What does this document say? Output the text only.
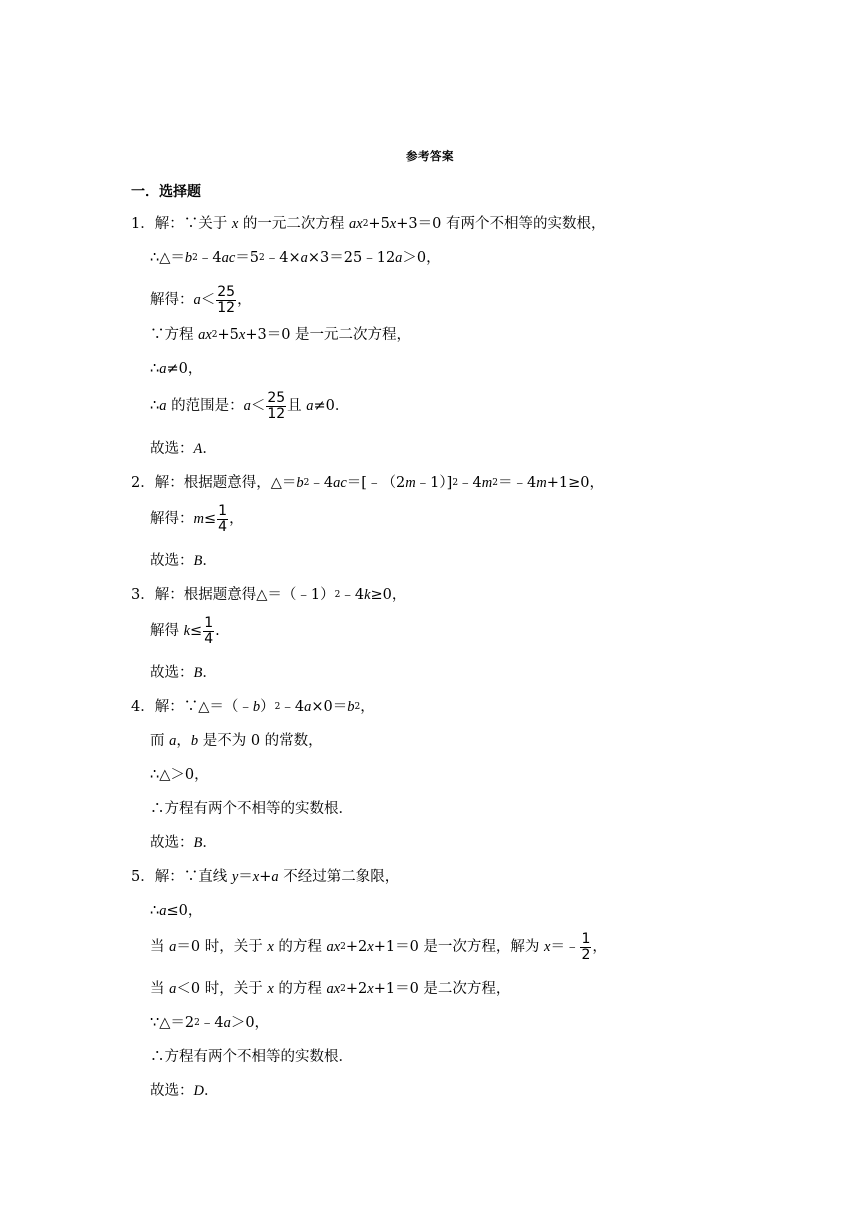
参考答案
一．选择题
1． 解：∵关于
x
的一元二次方程
ax 2 +5 x +3＝0 有两个不相等的实数根，
∴△＝ b 2 ﹣4 ac ＝5 2 ﹣4× a ×3＝25﹣12 a ＞0，
解得： $a < \frac{25}{12}$ ，
∵方程
ax 2 +5 x +3＝0 是一元二次方程，
∴ a ≠0，
∴ a
的范围是： $a < \frac{25}{12}$ 且
a ≠0．
故选： A ．
2． 解：根据题意得，△＝ b 2 ﹣4 ac ＝[﹣（2 m ﹣1）] 2 ﹣4 m 2 ＝﹣4 m +1≥0，
解得： $m \le \frac{1}{4}$ ，
故选： B ．
3． 解：根据题意得△＝（﹣1） 2 ﹣4 k ≥0，
解得
$k \le \frac{1}{4}$ .
故选： B ．
4． 解：∵△＝（﹣ b ） 2 ﹣4 a ×0＝ b 2 ，
而
a ， b
是不为 0 的常数，
∴△＞0，
∴方程有两个不相等的实数根．
故选： B ．
5． 解：∵直线
y ＝ x + a
不经过第二象限，
∴ a ≤0，
当
a ＝0 时，关于
x
的方程
ax 2 +2 x +1＝0 是一次方程，解为
x ＝﹣ $\frac{1}{2}$ ，
当
a ＜0 时，关于
x
的方程
ax 2 +2 x +1＝0 是二次方程，
∵△＝2 2 ﹣4 a ＞0，
∴方程有两个不相等的实数根．
故选： D ．
